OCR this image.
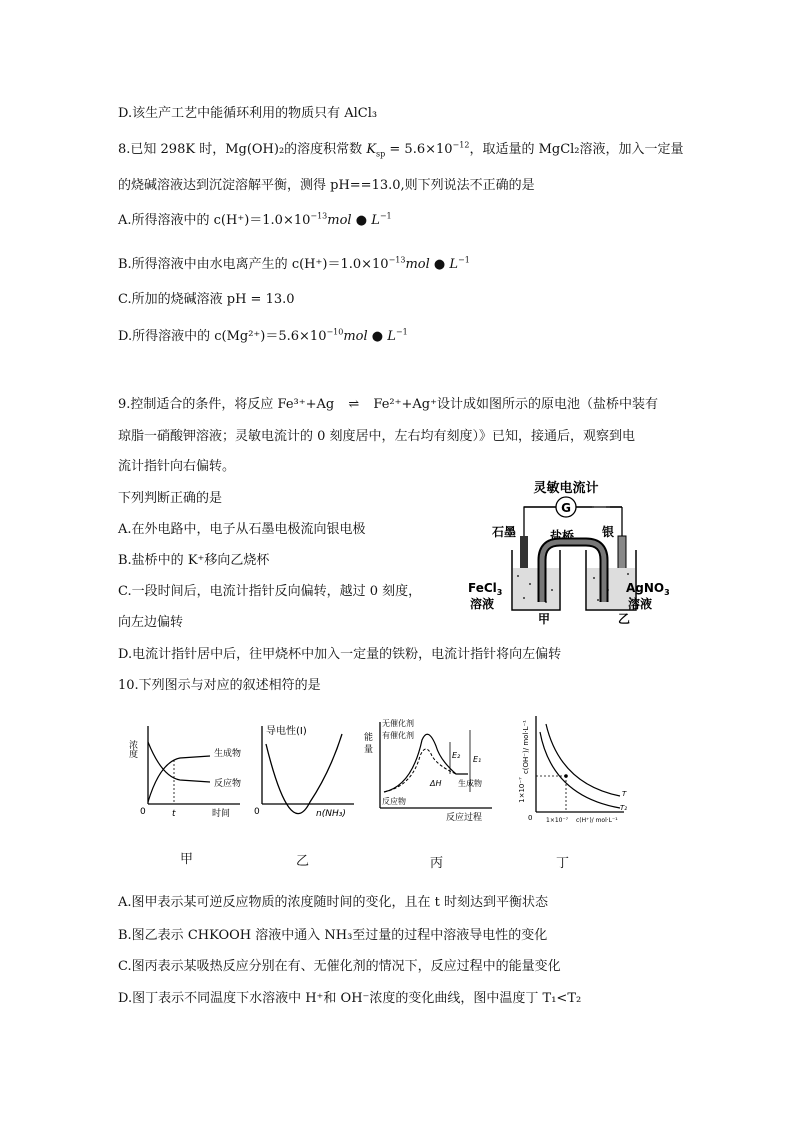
D.该生产工艺中能循环利用的物质只有 AlCl₃
8.已知 298K 时，Mg(OH)₂的溶度积常数 $K_{sp} = 5.6\times 10^{-12}$，取适量的 MgCl₂溶液，加入一定量
的烧碱溶液达到沉淀溶解平衡，测得 pH==13.0,则下列说法不正确的是
A.所得溶液中的 $c(H^+)=1.0\times 10^{-13}mol$ ● $L^{-1}$
B.所得溶液中由水电离产生的 $c(H^+)=1.0\times 10^{-13}mol$ ● $L^{-1}$
C.所加的烧碱溶液 pH = 13.0
D.所得溶液中的 $c(Mg^{2+})=5.6\times 10^{-10}mol$ ● $L^{-1}$
9.控制适合的条件，将反应 Fe³⁺+Ag ⇌ Fe²⁺+Ag⁺设计成如图所示的原电池（盐桥中装有
琼脂一硝酸钾溶液；灵敏电流计的 0 刻度居中，左右均有刻度）》已知，接通后，观察到电
流计指针向右偏转。
下列判断正确的是
A.在外电路中，电子从石墨电极流向银电极
B.盐桥中的 K⁺移向乙烧杯
C.一段时间后，电流计指针反向偏转，越过 0 刻度，
向左边偏转
D.电流计指针居中后，往甲烧杯中加入一定量的铁粉，电流计指针将向左偏转
10.下列图示与对应的叙述相符的是
灵敏电流计
G
石墨	盐桥 银
FeCl$_3$
溶液
AgNO$_3$
溶液
甲	乙
浓度	生成物
反应物
0	t	时间
导电性(I)
0	n(NH₃)
能
量
无催化剂
有催化剂
E₂ E₁
ΔH 生成物
反应物
反应过程
c(OH⁻)/ mol·L⁻¹
1×10⁻⁷	T
T₂
0 1×10⁻⁷ c(H⁺)/ mol·L⁻¹
甲	乙	丙	丁
A.图甲表示某可逆反应物质的浓度随时间的变化，且在 t 时刻达到平衡状态
B.图乙表示 CHKOOH 溶液中通入 NH₃至过量的过程中溶液导电性的变化
C.图丙表示某吸热反应分别在有、无催化剂的情况下，反应过程中的能量变化
D.图丁表示不同温度下水溶液中 H⁺和 OH⁻浓度的变化曲线，图中温度丁 T₁<T₂
